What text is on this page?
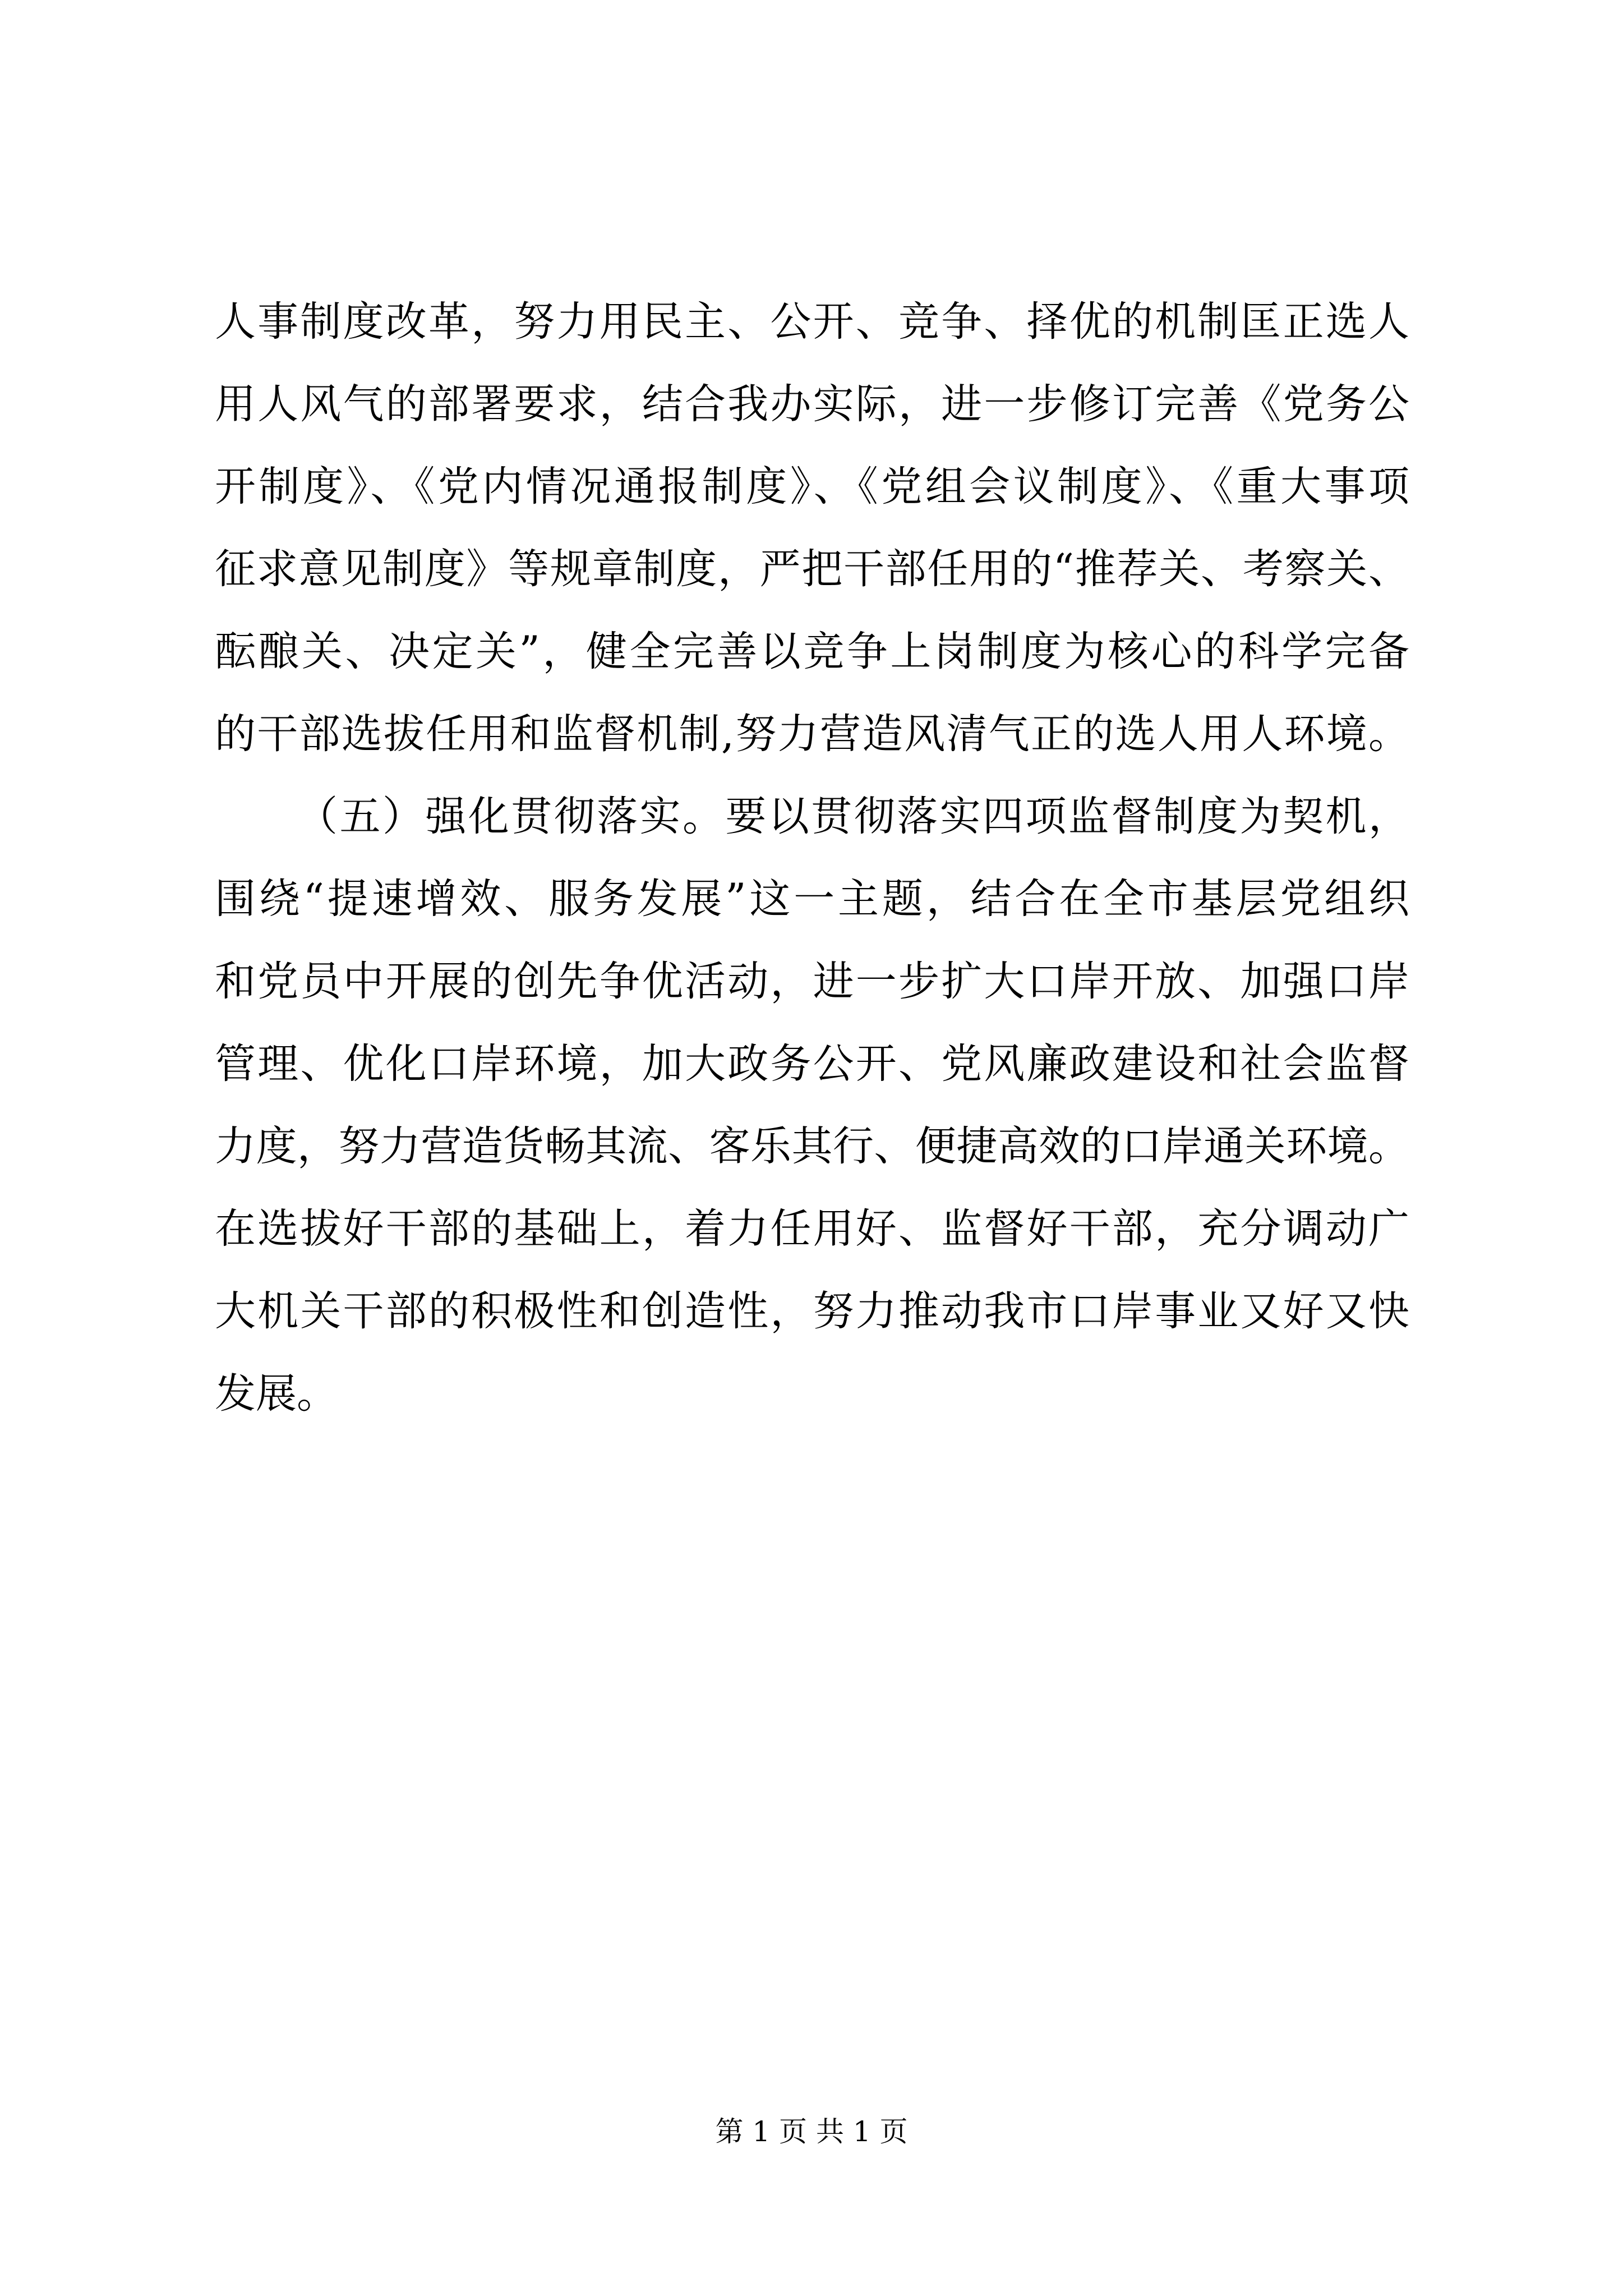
人事制度改革，努力用民主、公开、竞争、择优的机制匡正选人
用人风气的部署要求，结合我办实际，进一步修订完善《党务公
开制度》、《党内情况通报制度》、《党组会议制度》、《重大事项
征求意见制度》等规章制度，严把干部任用的“推荐关、考察关、
酝酿关、决定关”，健全完善以竞争上岗制度为核心的科学完备
的干部选拔任用和监督机制,努力营造风清气正的选人用人环境。
（五）强化贯彻落实。要以贯彻落实四项监督制度为契机，
围绕“提速增效、服务发展”这一主题，结合在全市基层党组织
和党员中开展的创先争优活动，进一步扩大口岸开放、加强口岸
管理、优化口岸环境，加大政务公开、党风廉政建设和社会监督
力度，努力营造货畅其流、客乐其行、便捷高效的口岸通关环境。
在选拔好干部的基础上，着力任用好、监督好干部，充分调动广
大机关干部的积极性和创造性，努力推动我市口岸事业又好又快
发展。
第 1 页 共 1 页
